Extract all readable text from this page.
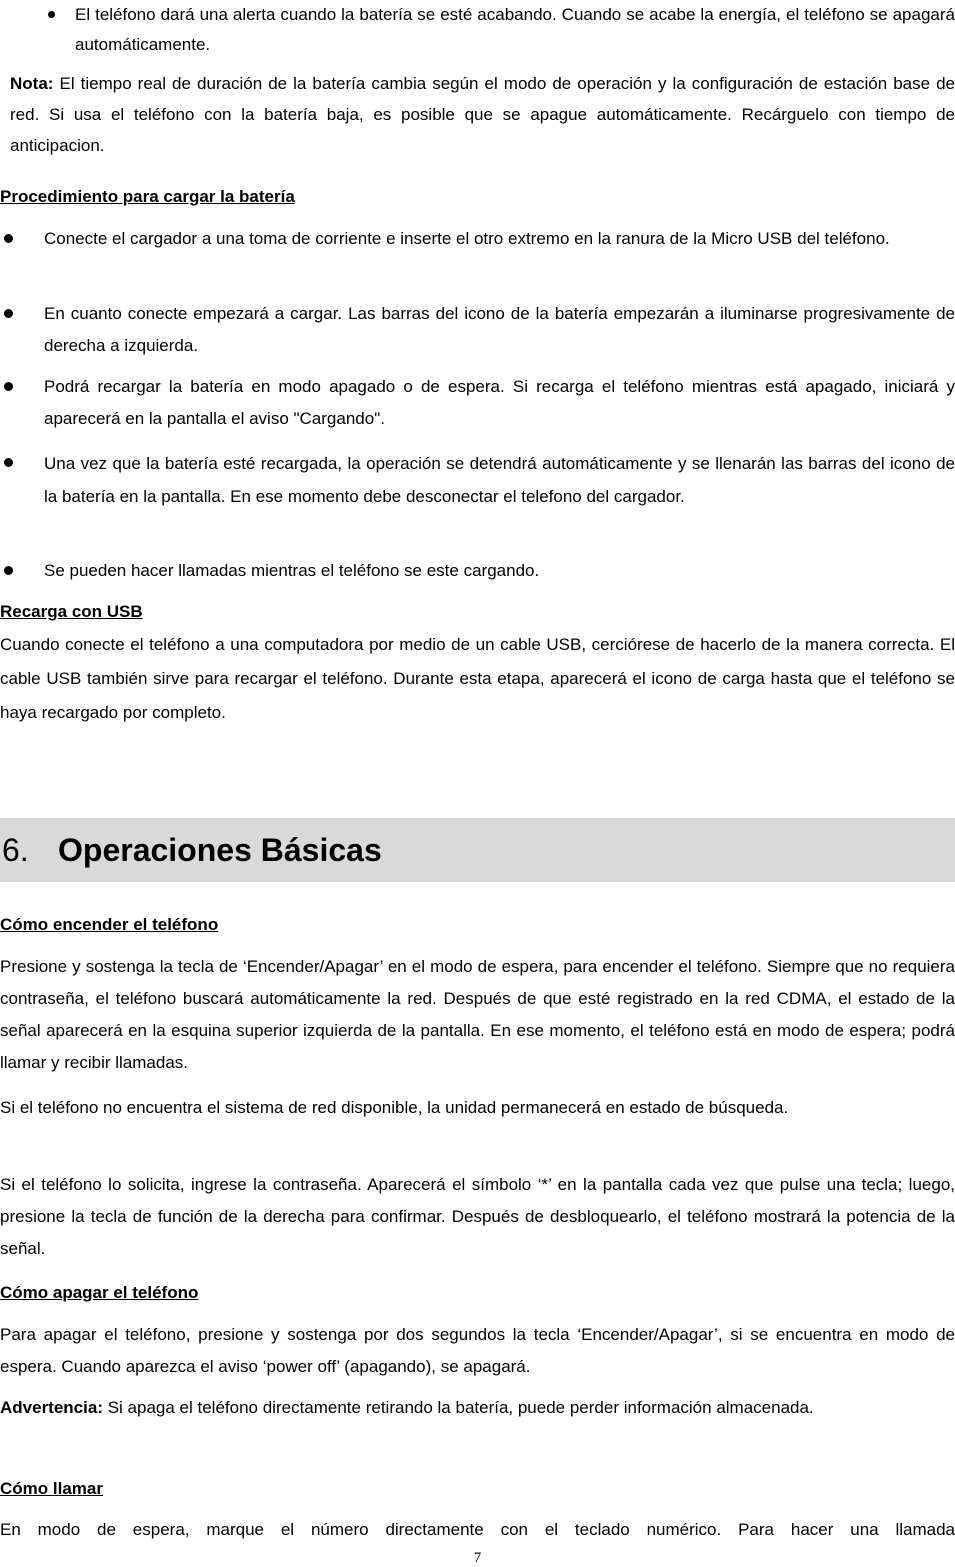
El teléfono dará una alerta cuando la batería se esté acabando. Cuando se acabe la energía, el teléfono se apagará automáticamente.
Nota: El tiempo real de duración de la batería cambia según el modo de operación y la configuración de estación base de red. Si usa el teléfono con la batería baja, es posible que se apague automáticamente. Recárguelo con tiempo de anticipacion.
Procedimiento para cargar la batería
Conecte el cargador a una toma de corriente e inserte el otro extremo en la ranura de la Micro USB del teléfono.
En cuanto conecte empezará a cargar. Las barras del icono de la batería empezarán a iluminarse progresivamente de derecha a izquierda.
Podrá recargar la batería en modo apagado o de espera. Si recarga el teléfono mientras está apagado, iniciará y aparecerá en la pantalla el aviso "Cargando".
Una vez que la batería esté recargada, la operación se detendrá automáticamente y se llenarán las barras del icono de la batería en la pantalla. En ese momento debe desconectar el telefono del cargador.
Se pueden hacer llamadas mientras el teléfono se este cargando.
Recarga con USB
Cuando conecte el teléfono a una computadora por medio de un cable USB, cerciórese de hacerlo de la manera correcta. El cable USB también sirve para recargar el teléfono. Durante esta etapa, aparecerá el icono de carga hasta que el teléfono se haya recargado por completo.
6. Operaciones Básicas
Cómo encender el teléfono
Presione y sostenga la tecla de ‘Encender/Apagar’ en el modo de espera, para encender el teléfono. Siempre que no requiera contraseña, el teléfono buscará automáticamente la red. Después de que esté registrado en la red CDMA, el estado de la señal aparecerá en la esquina superior izquierda de la pantalla. En ese momento, el teléfono está en modo de espera; podrá llamar y recibir llamadas.
Si el teléfono no encuentra el sistema de red disponible, la unidad permanecerá en estado de búsqueda.
Si el teléfono lo solicita, ingrese la contraseña. Aparecerá el símbolo ‘*’ en la pantalla cada vez que pulse una tecla; luego, presione la tecla de función de la derecha para confirmar. Después de desbloquearlo, el teléfono mostrará la potencia de la señal.
Cómo apagar el teléfono
Para apagar el teléfono, presione y sostenga por dos segundos la tecla ‘Encender/Apagar’, si se encuentra en modo de espera. Cuando aparezca el aviso ‘power off’ (apagando), se apagará.
Advertencia: Si apaga el teléfono directamente retirando la batería, puede perder información almacenada.
Cómo llamar
En modo de espera, marque el número directamente con el teclado numérico. Para hacer una llamada
7
